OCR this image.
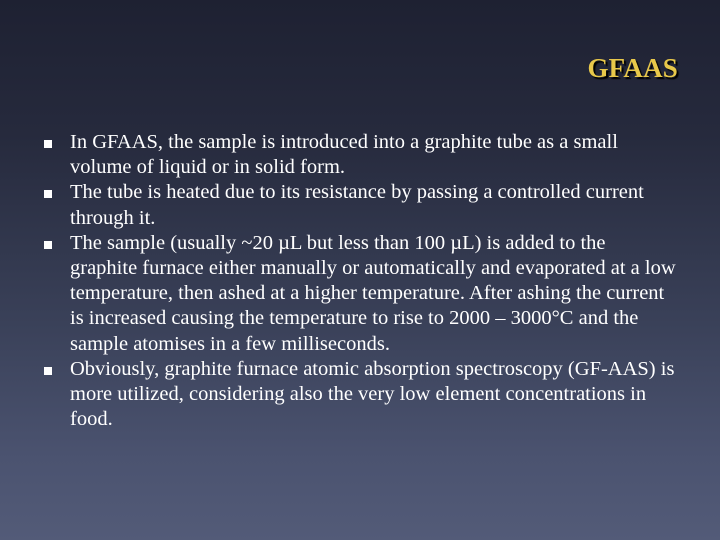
GFAAS
In GFAAS, the sample is introduced into a graphite tube as a small volume of liquid or in solid form.
The tube is heated due to its resistance by passing a controlled current through it.
The sample (usually ~20 µL but less than 100 µL) is added to the graphite furnace either manually or automatically and evaporated at a low temperature, then ashed at a higher temperature. After ashing the current is increased causing the temperature to rise to 2000 – 3000°C and the sample atomises in a few milliseconds.
Obviously, graphite furnace atomic absorption spectroscopy (GF-AAS) is more utilized, considering also the very low element concentrations in food.
